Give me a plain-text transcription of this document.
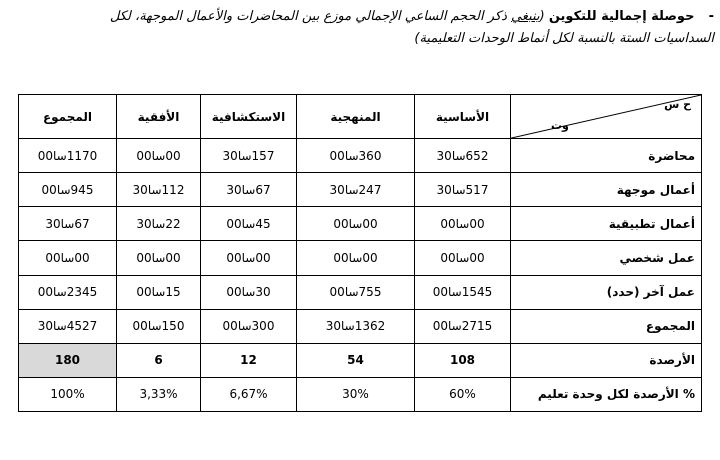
- حوصلة إجمالية للتكوين (ينبغي ذكر الحجم الساعي الإجمالي موزع بين المحاضرات والأعمال الموجهة، لكل
السداسيات الستة بالنسبة لكل أنماط الوحدات التعليمية)
ح س
وت	الأساسية	المنهجية	الاستكشافية	الأفقية	المجموع
محاضرة	652سا30	360سا00	157سا30	00سا00	1170سا00
أعمال موجهة	517سا30	247سا30	67سا30	112سا30	945سا00
أعمال تطبيقية	00سا00	00سا00	45سا00	22سا30	67سا30
عمل شخصي	00سا00	00سا00	00سا00	00سا00	00سا00
عمل آخر (حدد)	1545سا00	755سا00	30سا00	15سا00	2345سا00
المجموع	2715سا00	1362سا30	300سا00	150سا00	4527سا30
الأرصدة	108	54	12	6	180
% الأرصدة لكل وحدة تعليم	60%	30%	6,67%	3,33%	100%
